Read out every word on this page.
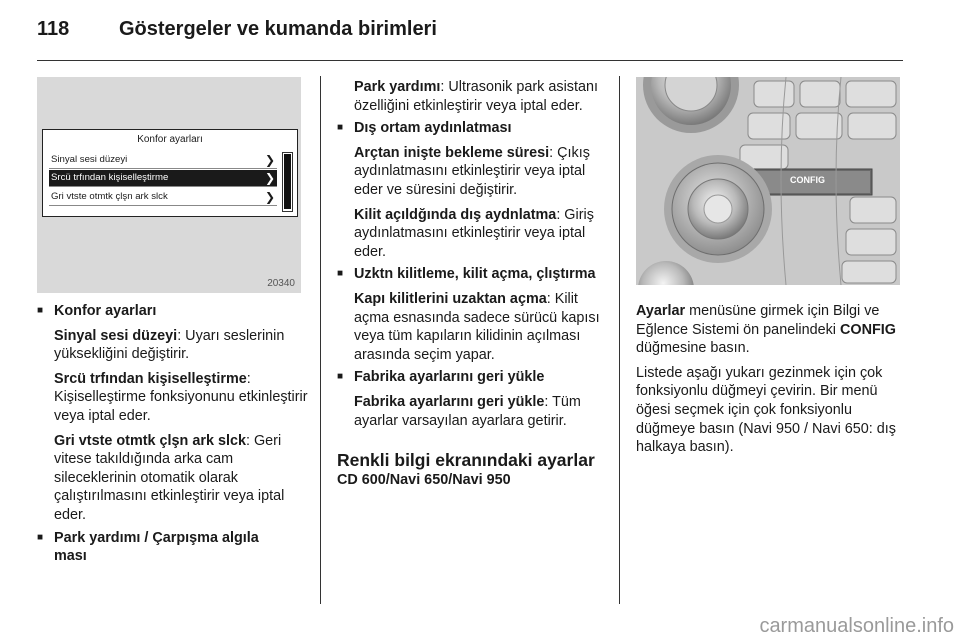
118 Göstergeler ve kumanda birimleri
Konfor ayarları
Sinyal sesi düzeyi	❯
Srcü trfından kişiselleştirme	❯
Gri vtste otmtk çlşn ark slck	❯
20340
■ Konfor ayarları

Sinyal sesi düzeyi: Uyarı seslerinin yüksekliğini değiştirir.

Srcü trfından kişiselleştirme: Kişiselleştirme fonksiyonunu etkinleştirir veya iptal eder.

Gri vtste otmtk çlşn ark slck: Geri vitese takıldığında arka cam sileceklerinin otomatik olarak çalıştırılmasını etkinleştirir veya iptal eder.

■ Park yardımı / Çarpışma algıla
ması

Park yardımı: Ultrasonik park asistanı özelliğini etkinleştirir veya iptal eder.

■ Dış ortam aydınlatması

Arçtan inişte bekleme süresi: Çıkış aydınlatmasını etkinleştirir veya iptal eder ve süresini değiştirir.

Kilit açıldğında dış aydnlatma: Giriş aydınlatmasını etkinleştirir veya iptal eder.

■ Uzktn kilitleme, kilit açma, çlıştırma

Kapı kilitlerini uzaktan açma: Kilit açma esnasında sadece sürücü kapısı veya tüm kapıların kilidinin açılması arasında seçim yapar.

■ Fabrika ayarlarını geri yükle

Fabrika ayarlarını geri yükle: Tüm ayarlar varsayılan ayarlara getirir.

Renkli bilgi ekranındaki ayarlar
CD 600/Navi 650/Navi 950
CONFIG

Ayarlar menüsüne girmek için Bilgi ve Eğlence Sistemi ön panelindeki CONFIG düğmesine basın.

Listede aşağı yukarı gezinmek için çok fonksiyonlu düğmeyi çevirin. Bir menü öğesi seçmek için çok fonksiyonlu düğmeye basın (Navi 950 / Navi 650: dış halkaya basın).

carmanualsonline.info
